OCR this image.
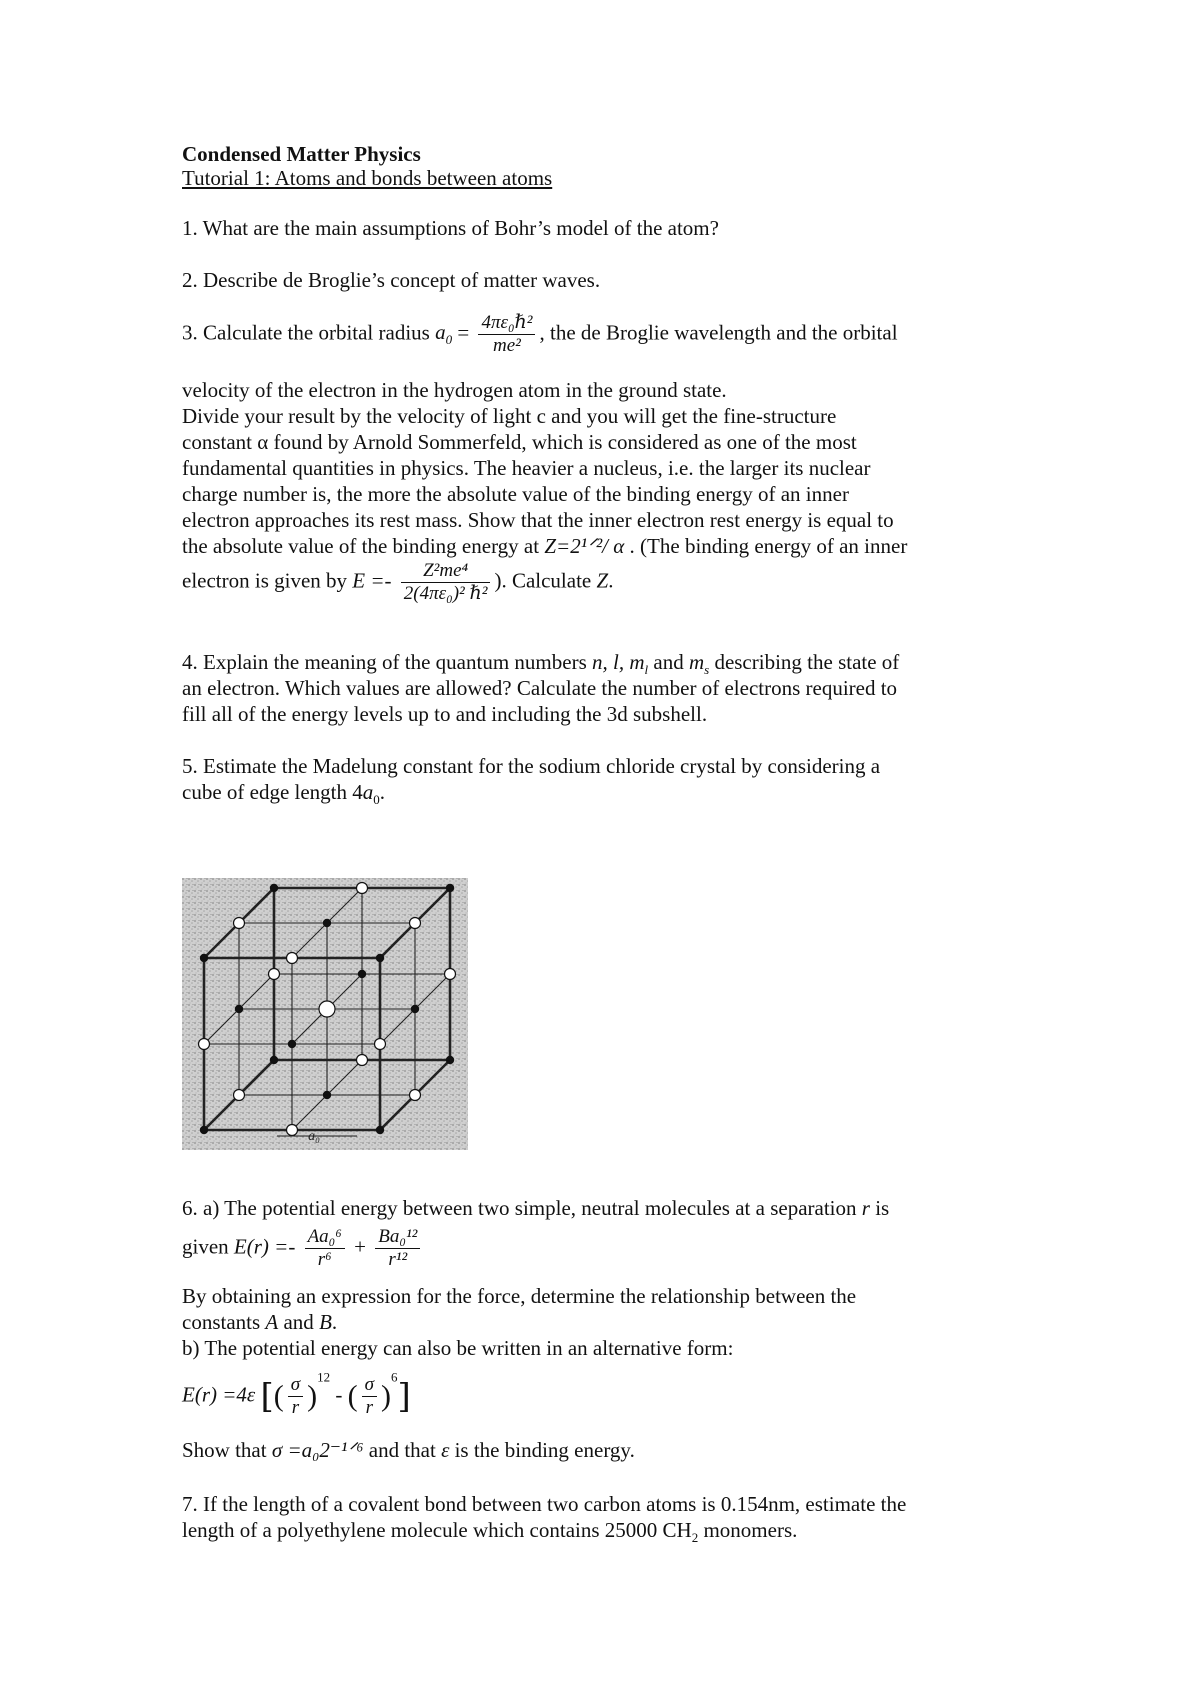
Condensed Matter Physics
Tutorial 1: Atoms and bonds between atoms
1. What are the main assumptions of Bohr’s model of the atom?
2. Describe de Broglie’s concept of matter waves.
3. Calculate the orbital radius $a_0 = \frac{\text{4πε₀ℏ²}}{\text{me²}}$ , the de Broglie wavelength and the orbital
velocity of the electron in the hydrogen atom in the ground state.
Divide your result by the velocity of light c and you will get the fine-structure
constant α found by Arnold Sommerfeld, which is considered as one of the most
fundamental quantities in physics. The heavier a nucleus, i.e. the larger its nuclear
charge number is, the more the absolute value of the binding energy of an inner
electron approaches its rest mass. Show that the inner electron rest energy is equal to
the absolute value of the binding energy at Z=2¹ᐟ²/ α . (The binding energy of an inner
electron is given by $E =- \frac{\text{Z²me⁴}}{\text{2(4πε₀)² ℏ²}}$ ). Calculate Z.
4. Explain the meaning of the quantum numbers n, l, $m_l$ and $m_s$ describing the state of
an electron. Which values are allowed? Calculate the number of electrons required to
fill all of the energy levels up to and including the 3d subshell.
5. Estimate the Madelung constant for the sodium chloride crystal by considering a
cube of edge length $4a_0$.
a₀
6. a) The potential energy between two simple, neutral molecules at a separation r is
given $E(r) =- \frac{\text{Aa₀⁶}}{\text{r⁶}} + \frac{\text{Ba₀¹²}}{\text{r¹²}}$
By obtaining an expression for the force, determine the relationship between the
constants A and B.
b) The potential energy can also be written in an alternative form:
E(r) =4ε [( $\frac{\sigma}{r} )^{12}$ - ( $\frac{\sigma}{r} )^6$]
Show that σ =a₀2⁻¹ᐟ⁶ and that ε is the binding energy.
7. If the length of a covalent bond between two carbon atoms is 0.154nm, estimate the
length of a polyethylene molecule which contains 25000 $CH_2$ monomers.
